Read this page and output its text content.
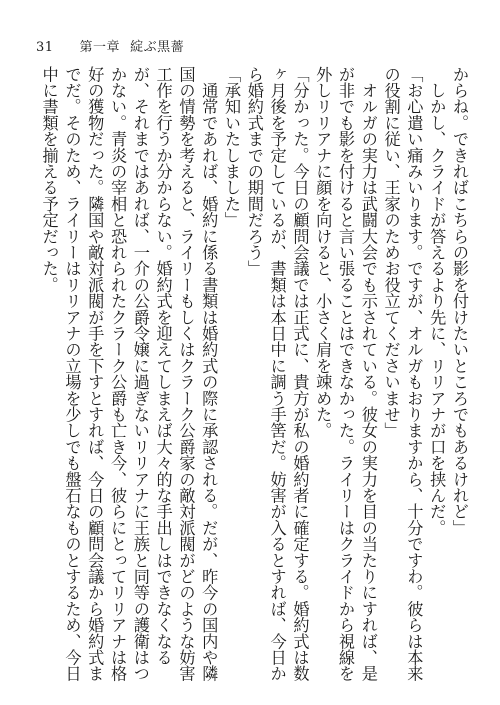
31 第一章 綻ぶ黒薔

からね。できればこちらの影を付けたいところでもあるけれど」

　しかし、クライドが答えるより先に、リリアナが口を挟んだ。

「お心遣い痛みいります。ですが、オルガもおりますから、十分ですわ。彼らは本来の役割に従い、王家のためお役立てくださいませ」

　オルガの実力は武闘大会でも示されている。彼女の実力を目の当たりにすれば、是が非でも影を付けると言い張ることはできなかった。ライリーはクライドから視線を外しリリアナに顔を向けると、小さく肩を竦めた。

「分かった。今日の顧問会議では正式に、貴方が私の婚約者に確定する。婚約式は数ヶ月後を予定しているが、書類は本日中に調う手筈だ。妨害が入るとすれば、今日から婚約式までの期間だろう」

「承知いたしました」

　通常であれば、婚約に係る書類は婚約式の際に承認される。だが、昨今の国内や隣国の情勢を考えると、ライリーもしくはクラーク公爵家の敵対派閥がどのような妨害工作を行うか分からない。婚約式を迎えてしまえば大々的な手出しはできなくなるが、それまではあれば、一介の公爵令嬢に過ぎないリリアナに王族と同等の護衛はつかない。青炎の宰相と恐れられたクラーク公爵も亡き今、彼らにとってリリアナは格好の獲物だった。隣国や敵対派閥が手を下すとすれば、今日の顧問会議から婚約式までだ。そのため、ライリーはリリアナの立場を少しでも盤石なものとするため、今日中に書類を揃える予定だった。
